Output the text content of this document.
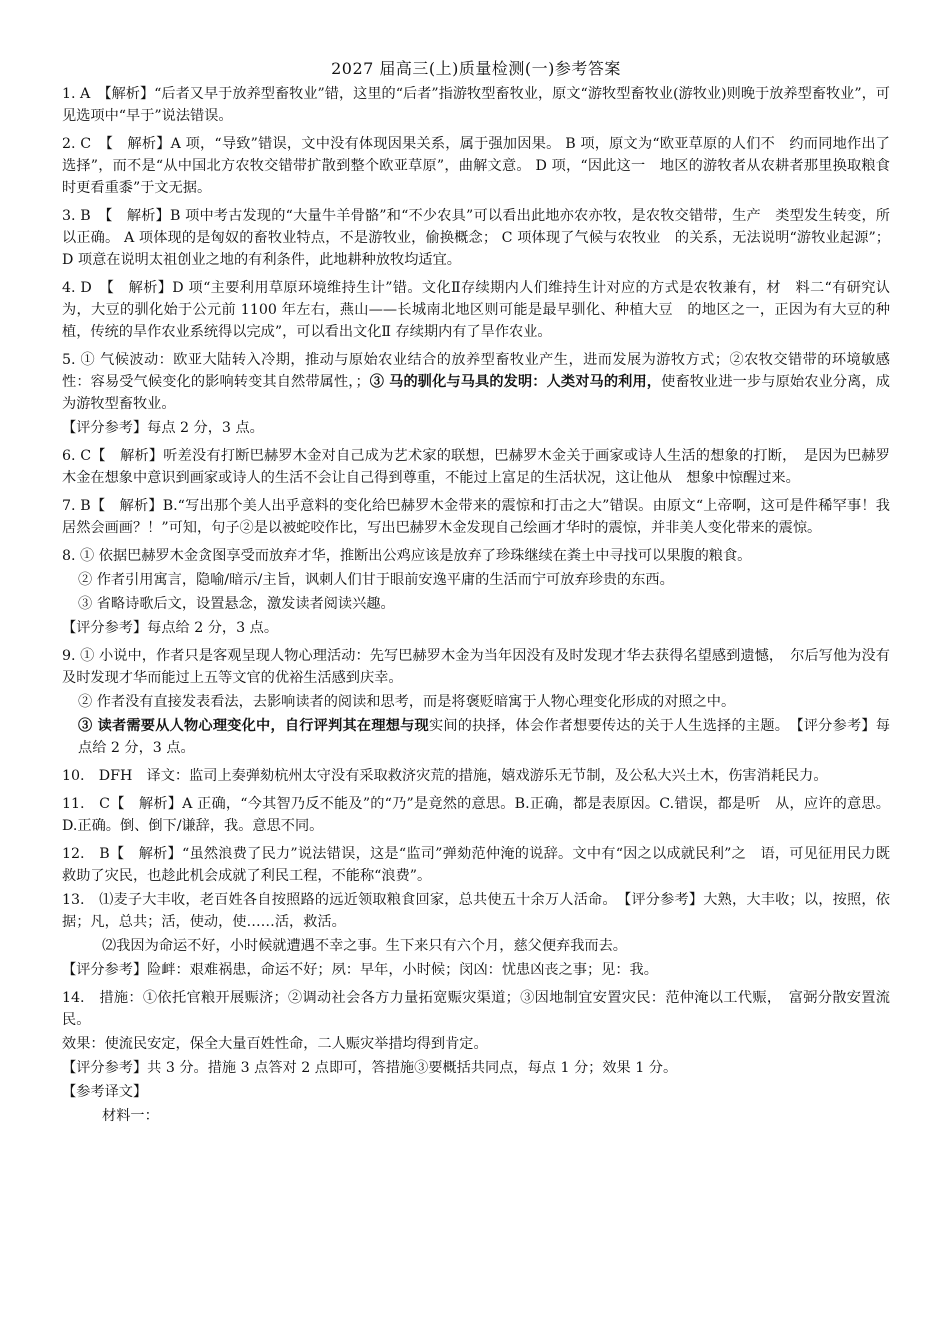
2027 届高三(上)质量检测(一)参考答案
1. A　【解析】“后者又早于放养型畜牧业”错，这里的“后者”指游牧型畜牧业，原文“游牧型畜牧业(游牧业)则晚于放养型畜牧业”，可见选项中“早于”说法错误。
2. C　【　解析】A 项，“导致”错误，文中没有体现因果关系，属于强加因果。 B 项，原文为“欧亚草原的人们不　约而同地作出了选择”，而不是“从中国北方农牧交错带扩散到整个欧亚草原”，曲解文意。 D 项，“因此这一　地区的游牧者从农耕者那里换取粮食时更看重黍”于文无据。
3. B　【　解析】B 项中考古发现的“大量牛羊骨骼”和“不少农具”可以看出此地亦农亦牧，是农牧交错带，生产　类型发生转变，所以正确。 A 项体现的是匈奴的畜牧业特点，不是游牧业，偷换概念； C 项体现了气候与农牧业　的关系，无法说明“游牧业起源”；D 项意在说明太祖创业之地的有利条件，此地耕种放牧均适宜。
4. D　【　解析】D 项“主要利用草原环境维持生计”错。文化Ⅱ存续期内人们维持生计对应的方式是农牧兼有，材　料二“有研究认为，大豆的驯化始于公元前 1100 年左右，燕山——长城南北地区则可能是最早驯化、种植大豆　的地区之一，正因为有大豆的种植，传统的旱作农业系统得以完成”，可以看出文化Ⅱ 存续期内有了旱作农业。
5. ① 气候波动：欧亚大陆转入冷期，推动与原始农业结合的放养型畜牧业产生，进而发展为游牧方式；②农牧交错带的环境敏感性：容易受气候变化的影响转变其自然带属性，；③ 马的驯化与马具的发明：人类对马的利用，使畜牧业进一步与原始农业分离，成为游牧型畜牧业。
【评分参考】每点 2 分，3 点。
6. C【　解析】听差没有打断巴赫罗木金对自己成为艺术家的联想，巴赫罗木金关于画家或诗人生活的想象的打断，　是因为巴赫罗木金在想象中意识到画家或诗人的生活不会让自己得到尊重，不能过上富足的生活状况，这让他从　想象中惊醒过来。
7. B【　解析】B.“写出那个美人出乎意料的变化给巴赫罗木金带来的震惊和打击之大”错误。由原文“上帝啊，这可是件稀罕事！我居然会画画？！”可知，句子②是以被蛇咬作比，写出巴赫罗木金发现自己绘画才华时的震惊，并非美人变化带来的震惊。
8. ① 依据巴赫罗木金贪图享受而放弃才华，推断出公鸡应该是放弃了珍珠继续在粪土中寻找可以果腹的粮食。
② 作者引用寓言，隐喻/暗示/主旨，讽刺人们甘于眼前安逸平庸的生活而宁可放弃珍贵的东西。
③ 省略诗歌后文，设置悬念，激发读者阅读兴趣。
【评分参考】每点给 2 分，3 点。
9. ① 小说中，作者只是客观呈现人物心理活动：先写巴赫罗木金为当年因没有及时发现才华去获得名望感到遗憾，　尔后写他为没有及时发现才华而能过上五等文官的优裕生活感到庆幸。
② 作者没有直接发表看法，去影响读者的阅读和思考，而是将褒贬暗寓于人物心理变化形成的对照之中。
③ 读者需要从人物心理变化中，自行评判其在理想与现实间的抉择，体会作者想要传达的关于人生选择的主题。　【评分参考】每点给 2 分，3 点。
10.　DFH　译文：监司上奏弹劾杭州太守没有采取救济灾荒的措施，嬉戏游乐无节制，及公私大兴土木，伤害消耗民力。
11.　C【　解析】A 正确，“今其智乃反不能及”的“乃”是竟然的意思。B.正确，都是表原因。C.错误，都是听　从，应许的意思。D.正确。倒、倒下/谦辞，我。意思不同。
12.　B【　解析】“虽然浪费了民力”说法错误，这是“监司”弹劾范仲淹的说辞。文中有“因之以成就民利”之　语，可见征用民力既救助了灾民，也趁此机会成就了利民工程，不能称“浪费”。
13.　⑴麦子大丰收，老百姓各自按照路的远近领取粮食回家，总共使五十余万人活命。　【评分参考】大熟，大丰收；以，按照，依据；凡，总共；活，使动，使……活，救活。
⑵我因为命运不好，小时候就遭遇不幸之事。生下来只有六个月，慈父便弃我而去。
【评分参考】险衅：艰难祸患，命运不好；夙：早年，小时候；闵凶：忧患凶丧之事；见：我。
14.　措施：①依托官粮开展赈济；②调动社会各方力量拓宽赈灾渠道；③因地制宜安置灾民：范仲淹以工代赈，　富弼分散安置流民。
效果：使流民安定，保全大量百姓性命，二人赈灾举措均得到肯定。
【评分参考】共 3 分。措施 3 点答对 2 点即可，答措施③要概括共同点，每点 1 分；效果 1 分。
【参考译文】
材料一：
